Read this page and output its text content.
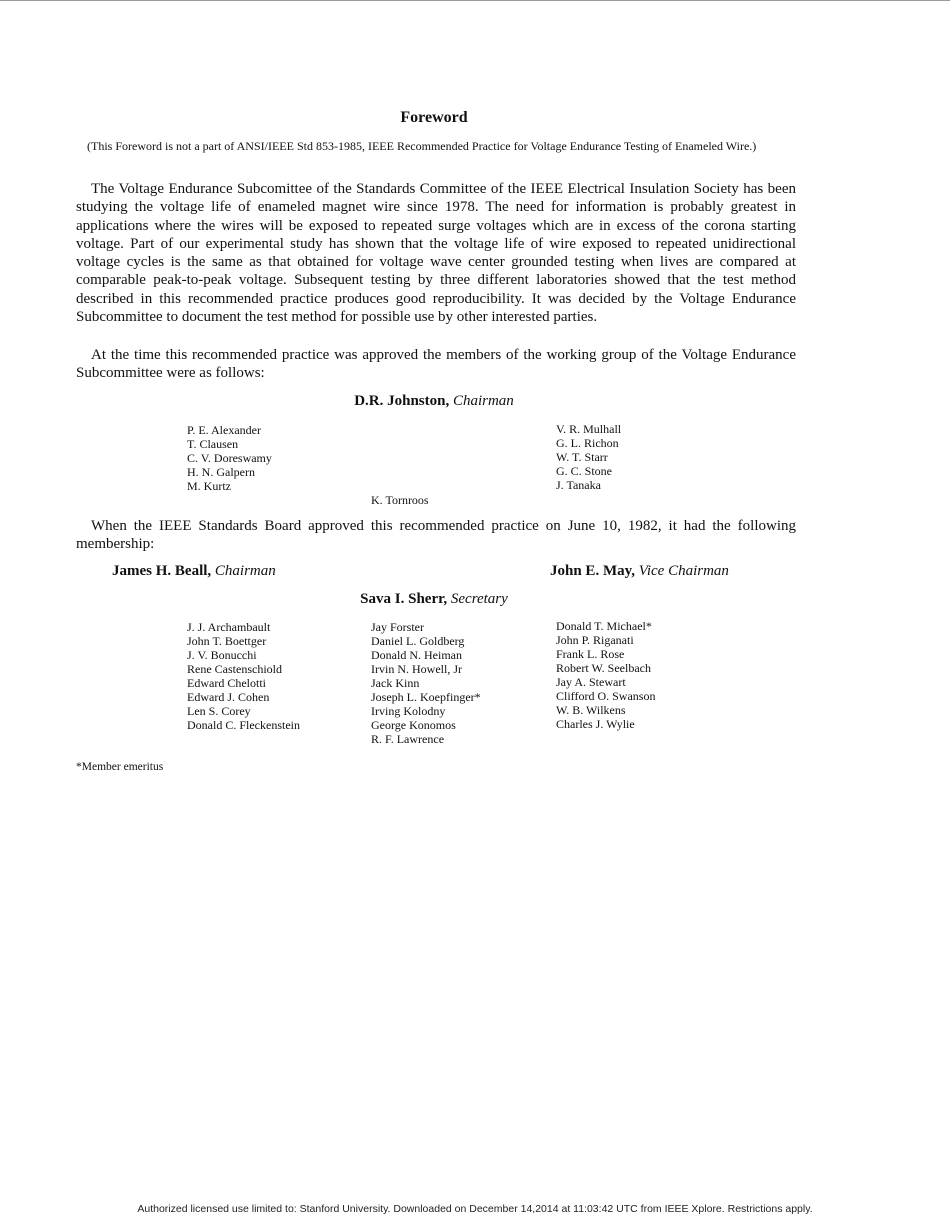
Foreword

(This Foreword is not a part of ANSI/IEEE Std 853-1985, IEEE Recommended Practice for Voltage Endurance Testing of Enameled Wire.)

The Voltage Endurance Subcomittee of the Standards Committee of the IEEE Electrical Insulation Society has been studying the voltage life of enameled magnet wire since 1978. The need for information is probably greatest in applications where the wires will be exposed to repeated surge voltages which are in excess of the corona starting voltage. Part of our experimental study has shown that the voltage life of wire exposed to repeated unidirectional voltage cycles is the same as that obtained for voltage wave center grounded testing when lives are compared at comparable peak-to-peak voltage. Subsequent testing by three different laboratories showed that the test method described in this recommended practice produces good reproducibility. It was decided by the Voltage Endurance Subcommittee to document the test method for possible use by other interested parties.

At the time this recommended practice was approved the members of the working group of the Voltage Endurance Subcommittee were as follows:

D.R. Johnston, Chairman
P. E. Alexander
T. Clausen
C. V. Doreswamy
H. N. Galpern
M. Kurtz
K. Tornroos
V. R. Mulhall
G. L. Richon
W. T. Starr
G. C. Stone
J. Tanaka

When the IEEE Standards Board approved this recommended practice on June 10, 1982, it had the following membership:

James H. Beall, Chairman	John E. May, Vice Chairman
Sava I. Sherr, Secretary
J. J. Archambault
John T. Boettger
J. V. Bonucchi
Rene Castenschiold
Edward Chelotti
Edward J. Cohen
Len S. Corey
Donald C. Fleckenstein
Jay Forster
Daniel L. Goldberg
Donald N. Heiman
Irvin N. Howell, Jr
Jack Kinn
Joseph L. Koepfinger*
Irving Kolodny
George Konomos
R. F. Lawrence
Donald T. Michael*
John P. Riganati
Frank L. Rose
Robert W. Seelbach
Jay A. Stewart
Clifford O. Swanson
W. B. Wilkens
Charles J. Wylie
*Member emeritus
Authorized licensed use limited to: Stanford University. Downloaded on December 14,2014 at 11:03:42 UTC from IEEE Xplore. Restrictions apply.
